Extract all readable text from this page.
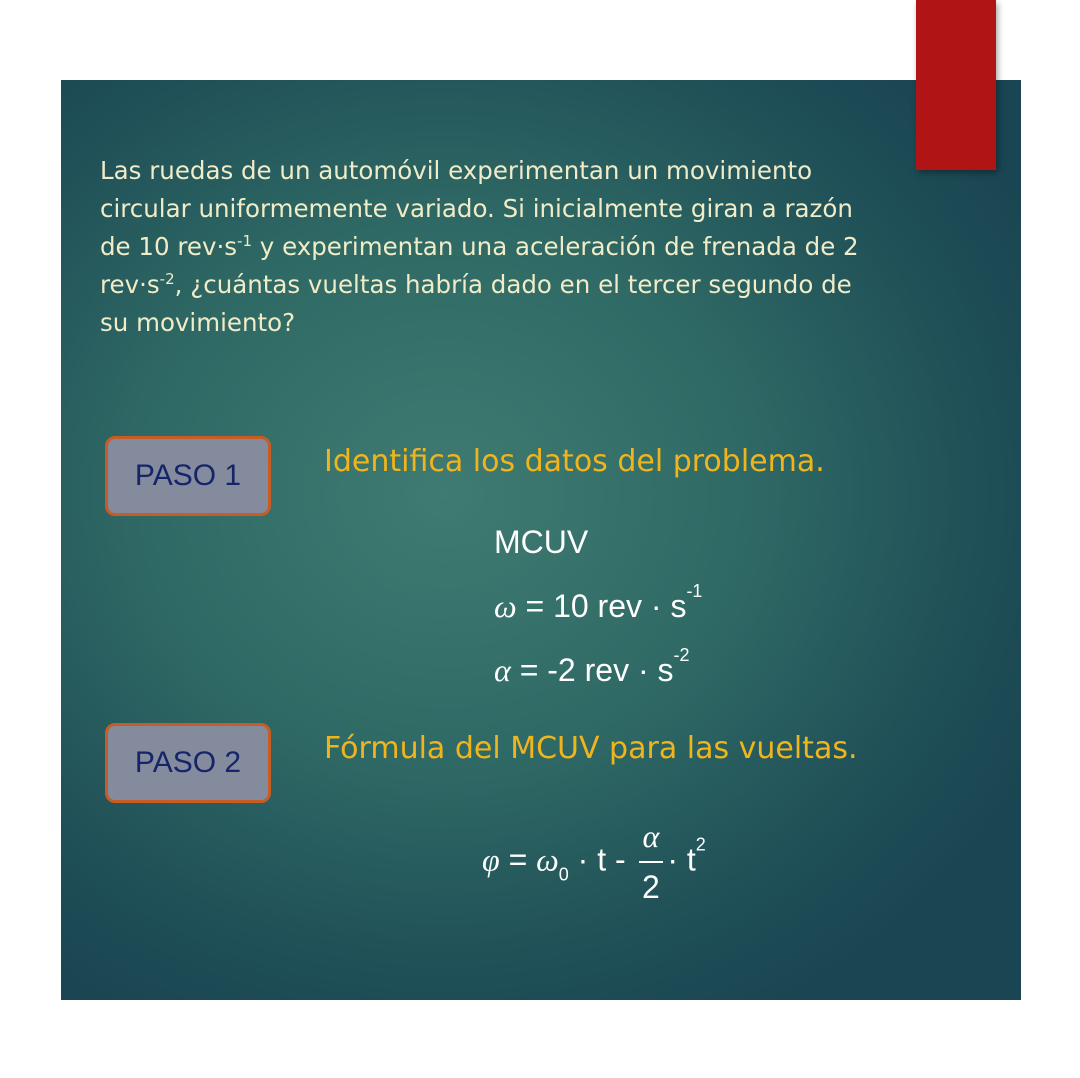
Las ruedas de un automóvil experimentan un movimiento
circular uniformemente variado. Si inicialmente giran a razón
de 10 $rev\cdot s^{-1}$ y experimentan una aceleración de frenada de 2
$rev\cdot s^{-2}$, ¿cuántas vueltas habría dado en el tercer segundo de
su movimiento?
PASO 1	Identifica los datos del problema.
MCUV
ω = 10 rev · $s^{-1}$
α = -2 rev · $s^{-2}$
PASO 2	Fórmula del MCUV para las vueltas.
$\varphi = \omega_0 \cdot t - \frac{\alpha}{2} \cdot t^2$
